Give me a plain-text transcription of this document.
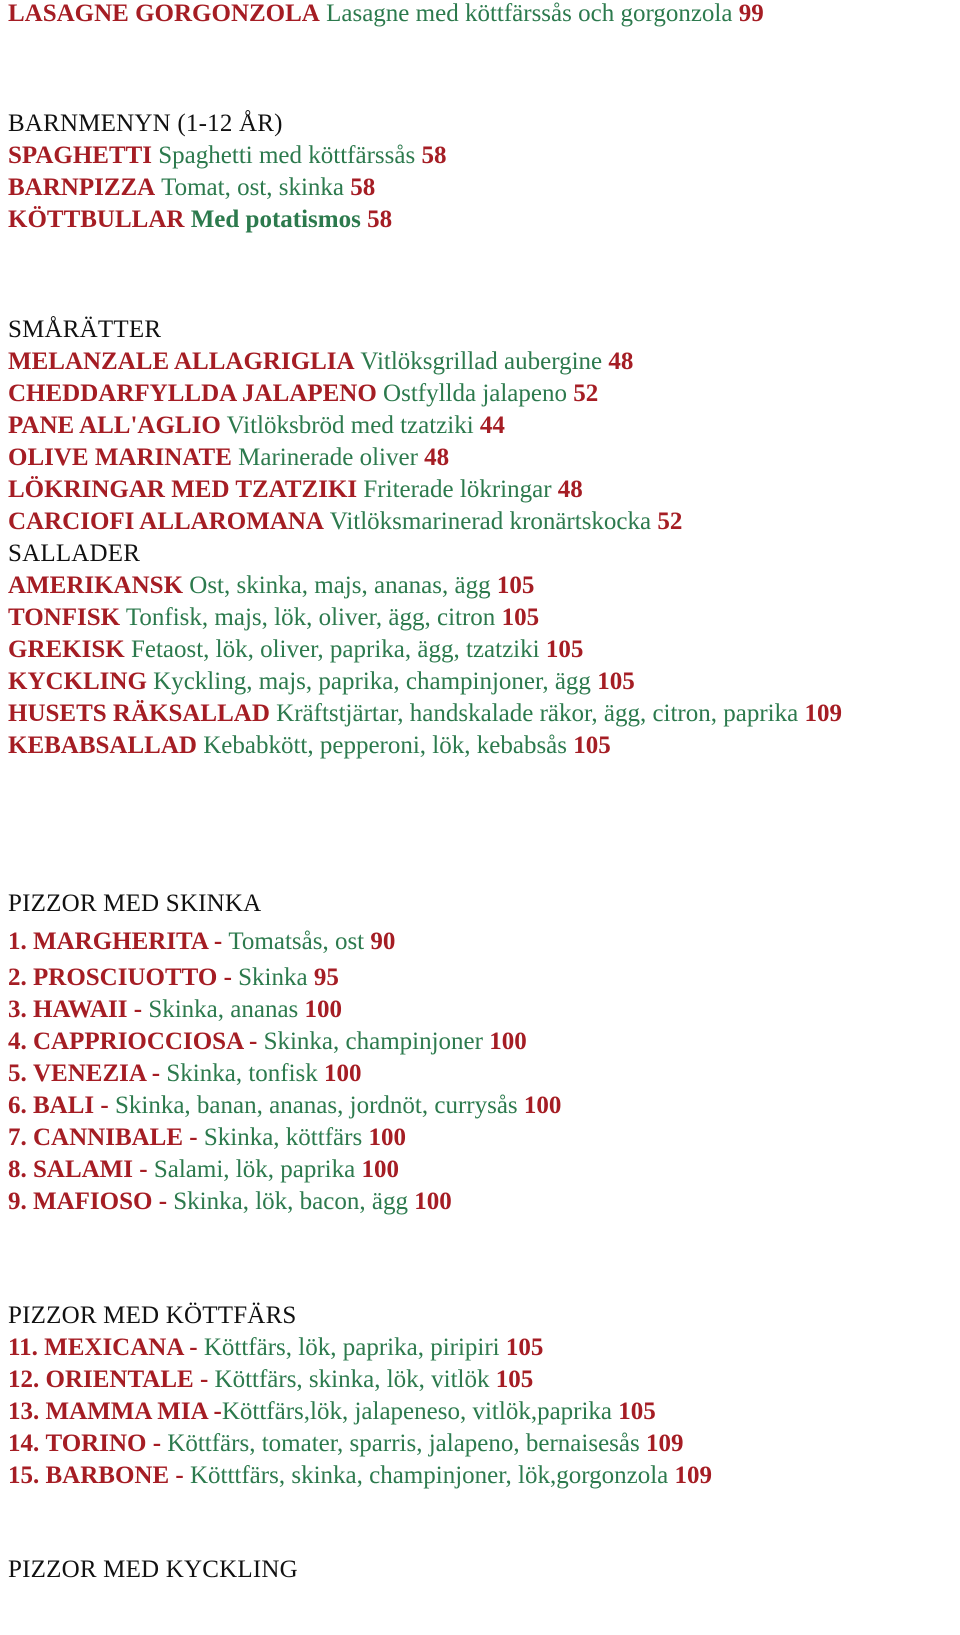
LASAGNE GORGONZOLA Lasagne med köttfärssås och gorgonzola 99
BARNMENYN (1-12 ÅR)
SPAGHETTI Spaghetti med köttfärssås 58
BARNPIZZA Tomat, ost, skinka 58
KÖTTBULLAR Med potatismos 58
SMÅRÄTTER
MELANZALE ALLAGRIGLIA Vitlöksgrillad aubergine 48
CHEDDARFYLLDA JALAPENO Ostfyllda jalapeno 52
PANE ALL'AGLIO Vitlöksbröd med tzatziki 44
OLIVE MARINATE Marinerade oliver 48
LÖKRINGAR MED TZATZIKI Friterade lökringar 48
CARCIOFI ALLAROMANA Vitlöksmarinerad kronärtskocka 52
SALLADER
AMERIKANSK Ost, skinka, majs, ananas, ägg 105
TONFISK Tonfisk, majs, lök, oliver, ägg, citron 105
GREKISK Fetaost, lök, oliver, paprika, ägg, tzatziki 105
KYCKLING Kyckling, majs, paprika, champinjoner, ägg 105
HUSETS RÄKSALLAD Kräftstjärtar, handskalade räkor, ägg, citron, paprika 109
KEBABSALLAD Kebabkött, pepperoni, lök, kebabsås 105
PIZZOR MED SKINKA
1. MARGHERITA - Tomatsås, ost 90
2. PROSCIUOTTO - Skinka 95
3. HAWAII - Skinka, ananas 100
4. CAPPRIOCCIOSA - Skinka, champinjoner 100
5. VENEZIA - Skinka, tonfisk 100
6. BALI - Skinka, banan, ananas, jordnöt, currysås 100
7. CANNIBALE - Skinka, köttfärs 100
8. SALAMI - Salami, lök, paprika 100
9. MAFIOSO - Skinka, lök, bacon, ägg 100
PIZZOR MED KÖTTFÄRS
11. MEXICANA - Köttfärs, lök, paprika, piripiri 105
12. ORIENTALE - Köttfärs, skinka, lök, vitlök 105
13. MAMMA MIA -Köttfärs,lök, jalapeneso, vitlök,paprika 105
14. TORINO - Köttfärs, tomater, sparris, jalapeno, bernaisesås 109
15. BARBONE - Kötttfärs, skinka, champinjoner, lök,gorgonzola 109
PIZZOR MED KYCKLING
